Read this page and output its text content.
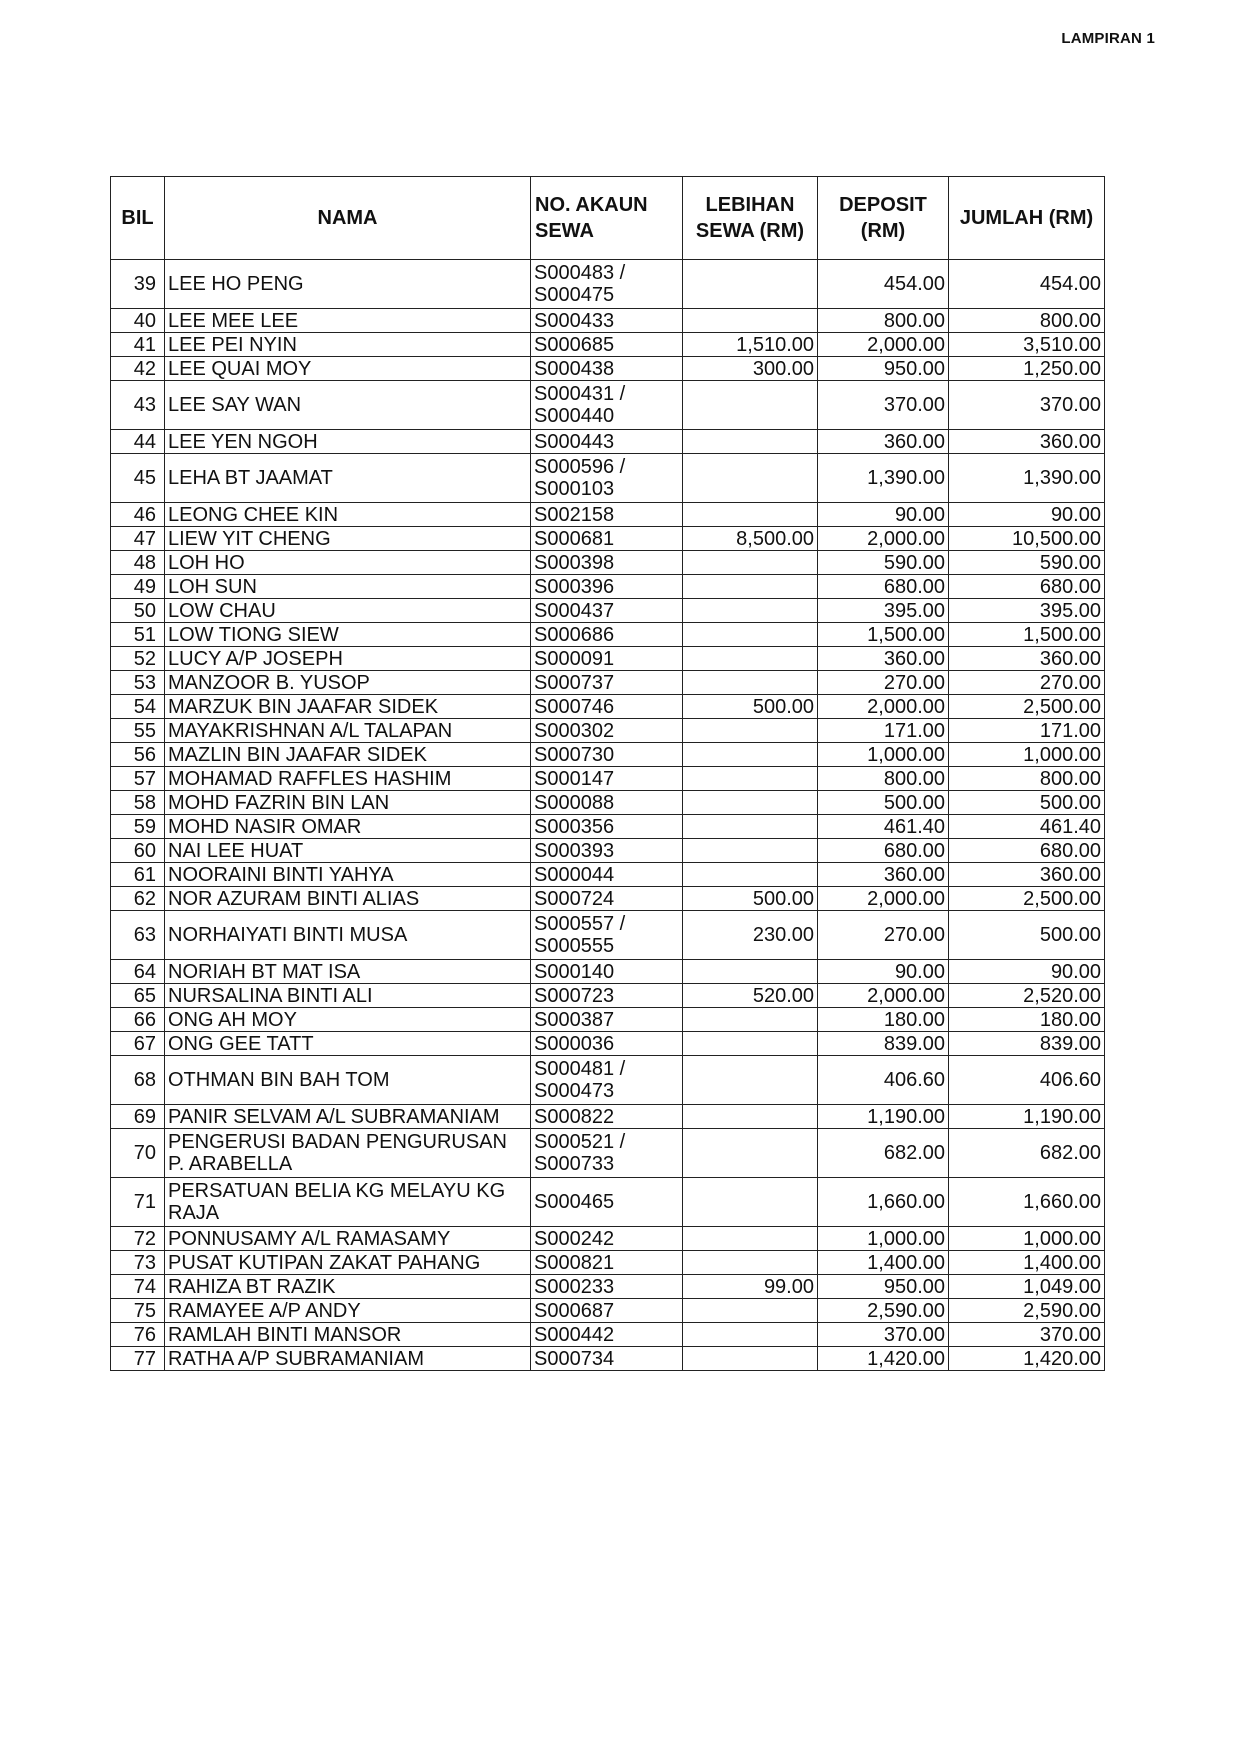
LAMPIRAN 1
BIL	NAMA	NO. AKAUN SEWA	LEBIHAN SEWA (RM)	DEPOSIT (RM)	JUMLAH (RM)
39	LEE HO PENG	S000483 / S000475		454.00	454.00
40	LEE MEE LEE	S000433		800.00	800.00
41	LEE PEI NYIN	S000685	1,510.00	2,000.00	3,510.00
42	LEE QUAI MOY	S000438	300.00	950.00	1,250.00
43	LEE SAY WAN	S000431 / S000440		370.00	370.00
44	LEE YEN NGOH	S000443		360.00	360.00
45	LEHA BT JAAMAT	S000596 / S000103		1,390.00	1,390.00
46	LEONG CHEE KIN	S002158		90.00	90.00
47	LIEW YIT CHENG	S000681	8,500.00	2,000.00	10,500.00
48	LOH HO	S000398		590.00	590.00
49	LOH SUN	S000396		680.00	680.00
50	LOW CHAU	S000437		395.00	395.00
51	LOW TIONG SIEW	S000686		1,500.00	1,500.00
52	LUCY A/P JOSEPH	S000091		360.00	360.00
53	MANZOOR B. YUSOP	S000737		270.00	270.00
54	MARZUK BIN JAAFAR SIDEK	S000746	500.00	2,000.00	2,500.00
55	MAYAKRISHNAN A/L TALAPAN	S000302		171.00	171.00
56	MAZLIN BIN JAAFAR SIDEK	S000730		1,000.00	1,000.00
57	MOHAMAD RAFFLES HASHIM	S000147		800.00	800.00
58	MOHD FAZRIN BIN LAN	S000088		500.00	500.00
59	MOHD NASIR OMAR	S000356		461.40	461.40
60	NAI LEE HUAT	S000393		680.00	680.00
61	NOORAINI BINTI YAHYA	S000044		360.00	360.00
62	NOR AZURAM BINTI ALIAS	S000724	500.00	2,000.00	2,500.00
63	NORHAIYATI BINTI MUSA	S000557 / S000555	230.00	270.00	500.00
64	NORIAH BT MAT ISA	S000140		90.00	90.00
65	NURSALINA BINTI ALI	S000723	520.00	2,000.00	2,520.00
66	ONG AH MOY	S000387		180.00	180.00
67	ONG GEE TATT	S000036		839.00	839.00
68	OTHMAN BIN BAH TOM	S000481 / S000473		406.60	406.60
69	PANIR SELVAM A/L SUBRAMANIAM	S000822		1,190.00	1,190.00
70	PENGERUSI BADAN PENGURUSAN P. ARABELLA	S000521 / S000733		682.00	682.00
71	PERSATUAN BELIA KG MELAYU KG RAJA	S000465		1,660.00	1,660.00
72	PONNUSAMY A/L RAMASAMY	S000242		1,000.00	1,000.00
73	PUSAT KUTIPAN ZAKAT PAHANG	S000821		1,400.00	1,400.00
74	RAHIZA BT RAZIK	S000233	99.00	950.00	1,049.00
75	RAMAYEE A/P ANDY	S000687		2,590.00	2,590.00
76	RAMLAH BINTI MANSOR	S000442		370.00	370.00
77	RATHA A/P SUBRAMANIAM	S000734		1,420.00	1,420.00
